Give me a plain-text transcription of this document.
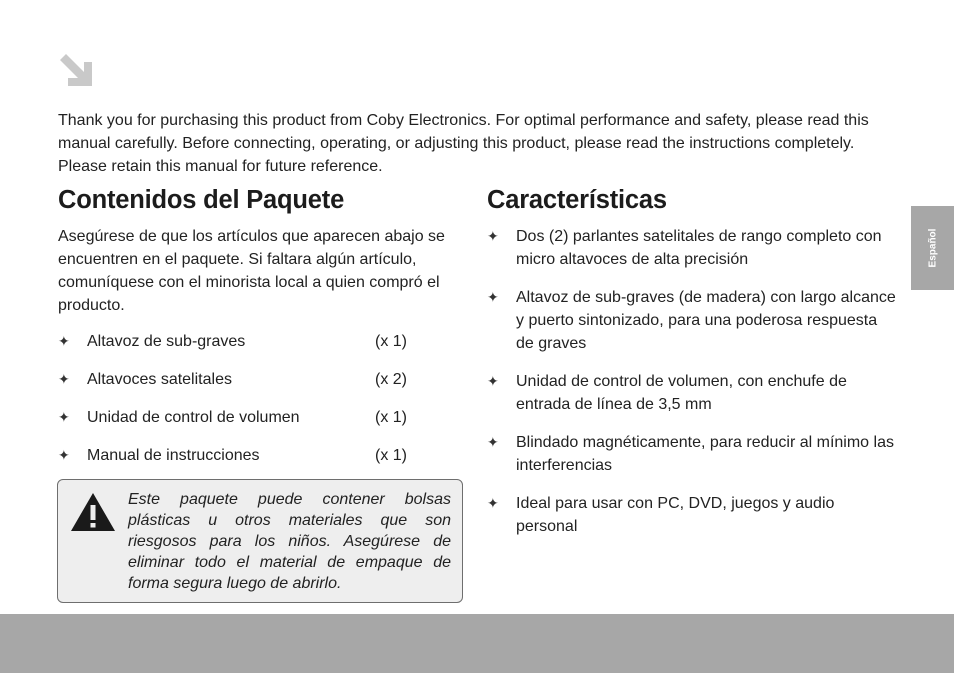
Thank you for purchasing this product from Coby Electronics. For optimal performance and safety, please read this manual carefully. Before connecting, operating, or adjusting this product, please read the instructions completely. Please retain this manual for future reference.
Contenidos del Paquete
Asegúrese de que los artículos que aparecen abajo se encuentren en el paquete. Si faltara algún artículo, comuníquese con el minorista local a quien compró el producto.
✦ Altavoz de sub-graves	(x 1)
✦ Altavoces satelitales	(x 2)
✦ Unidad de control de volumen	(x 1)
✦ Manual de instrucciones	(x 1)
Este paquete puede contener bolsas plásticas u otros materiales que son riesgosos para los niños. Asegúrese de eliminar todo el material de empaque de forma segura luego de abrirlo.
Características
✦ Dos (2) parlantes satelitales de rango completo con micro altavoces de alta precisión
✦ Altavoz de sub-graves (de madera) con largo alcance y puerto sintonizado, para una poderosa respuesta de graves
✦ Unidad de control de volumen, con enchufe de entrada de línea de 3,5 mm
✦ Blindado magnéticamente, para reducir al mínimo las interferencias
✦ Ideal para usar con PC, DVD, juegos y audio personal
Español
